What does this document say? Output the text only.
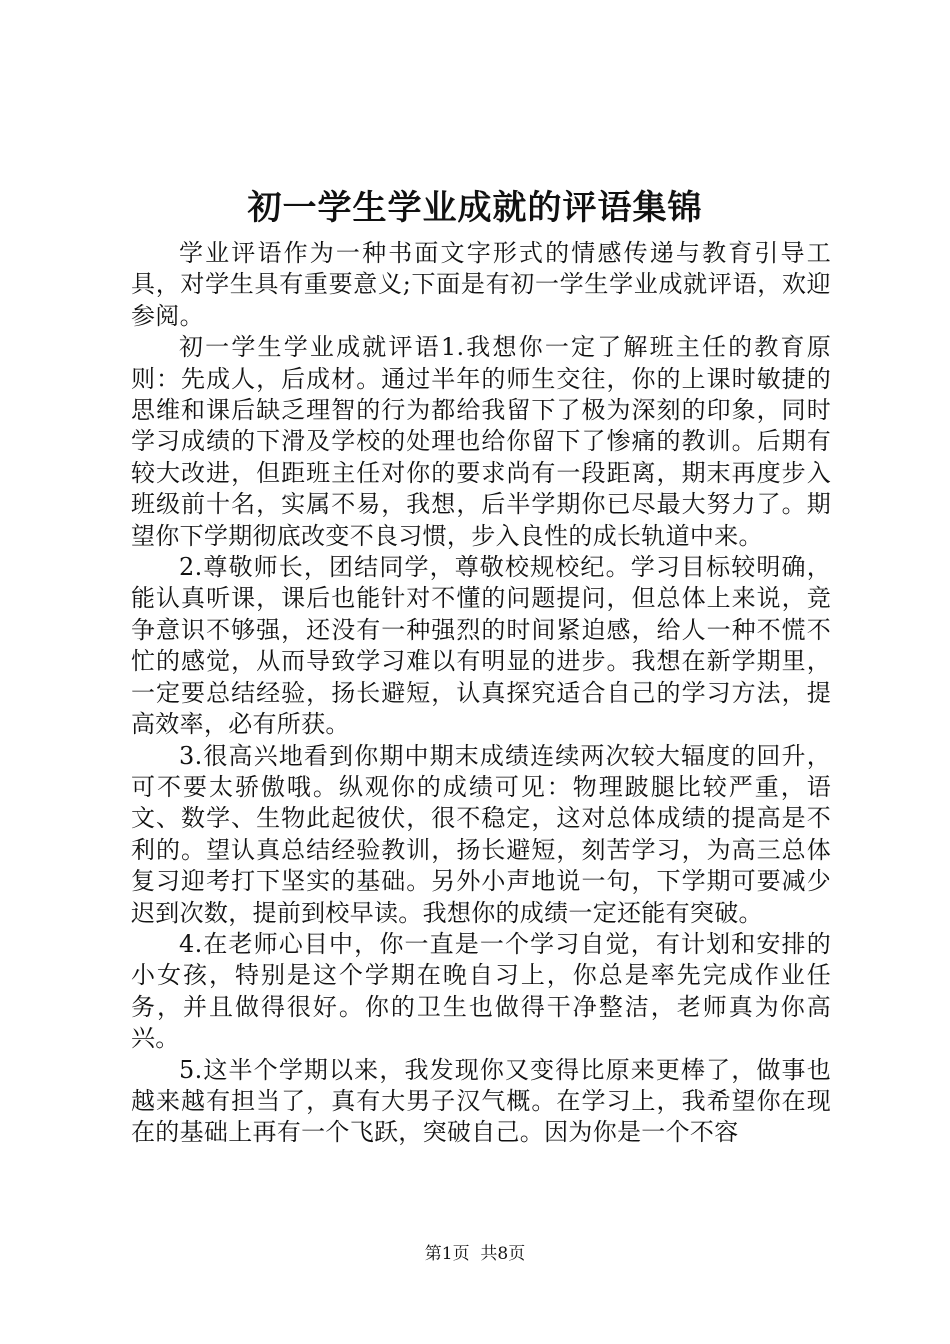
初一学生学业成就的评语集锦

学业评语作为一种书面文字形式的情感传递与教育引导工具，对学生具有重要意义;下面是有初一学生学业成就评语，欢迎参阅。

初一学生学业成就评语1.我想你一定了解班主任的教育原则：先成人，后成材。通过半年的师生交往，你的上课时敏捷的思维和课后缺乏理智的行为都给我留下了极为深刻的印象，同时学习成绩的下滑及学校的处理也给你留下了惨痛的教训。后期有较大改进，但距班主任对你的要求尚有一段距离，期末再度步入班级前十名，实属不易，我想，后半学期你已尽最大努力了。期望你下学期彻底改变不良习惯，步入良性的成长轨道中来。

2.尊敬师长，团结同学，尊敬校规校纪。学习目标较明确，能认真听课，课后也能针对不懂的问题提问，但总体上来说，竞争意识不够强，还没有一种强烈的时间紧迫感，给人一种不慌不忙的感觉，从而导致学习难以有明显的进步。我想在新学期里，一定要总结经验，扬长避短，认真探究适合自己的学习方法，提高效率，必有所获。

3.很高兴地看到你期中期末成绩连续两次较大辐度的回升，可不要太骄傲哦。纵观你的成绩可见：物理跛腿比较严重，语文、数学、生物此起彼伏，很不稳定，这对总体成绩的提高是不利的。望认真总结经验教训，扬长避短，刻苦学习，为高三总体复习迎考打下坚实的基础。另外小声地说一句，下学期可要减少迟到次数，提前到校早读。我想你的成绩一定还能有突破。

4.在老师心目中，你一直是一个学习自觉，有计划和安排的小女孩，特别是这个学期在晚自习上，你总是率先完成作业任务，并且做得很好。你的卫生也做得干净整洁，老师真为你高兴。

5.这半个学期以来，我发现你又变得比原来更棒了，做事也越来越有担当了，真有大男子汉气概。在学习上，我希望你在现在的基础上再有一个飞跃，突破自己。因为你是一个不容

第1页 共8页
